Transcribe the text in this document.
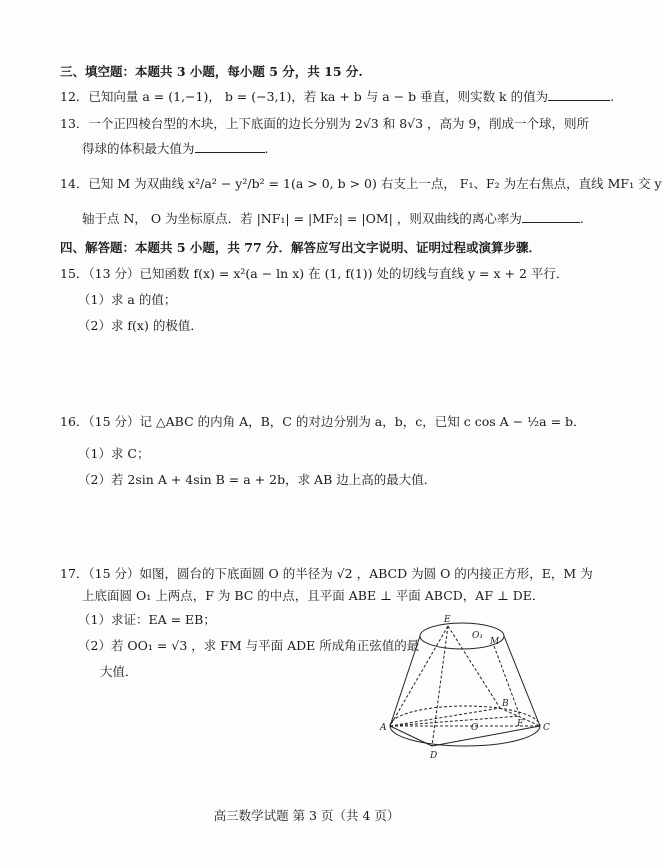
三、填空题：本题共 3 小题，每小题 5 分，共 15 分.
12．已知向量 a = (1,−1)， b = (−3,1)，若 ka + b 与 a − b 垂直，则实数 k 的值为	.
13．一个正四棱台型的木块，上下底面的边长分别为 2√3 和 8√3 ，高为 9，削成一个球，则所
得球的体积最大值为	.
14．已知 M 为双曲线 x²/a² − y²/b² = 1(a > 0, b > 0) 右支上一点， F₁、F₂ 为左右焦点，直线 MF₁ 交 y
轴于点 N， O 为坐标原点．若 |NF₁| = |MF₂| = |OM| ，则双曲线的离心率为	.
四、解答题：本题共 5 小题，共 77 分．解答应写出文字说明、证明过程或演算步骤．
15．（13 分）已知函数 f(x) = x²(a − ln x) 在 (1, f(1)) 处的切线与直线 y = x + 2 平行．
（1）求 a 的值；
（2）求 f(x) 的极值．
16．（15 分）记 △ABC 的内角 A，B，C 的对边分别为 a，b，c，已知 c cos A − ½a = b．
（1）求 C；
（2）若 2sin A + 4sin B = a + 2b，求 AB 边上高的最大值．
17．（15 分）如图，圆台的下底面圆 O 的半径为 √2 ，ABCD 为圆 O 的内接正方形，E，M 为
上底面圆 O₁ 上两点，F 为 BC 的中点，且平面 ABE ⊥ 平面 ABCD，AF ⊥ DE．
（1）求证：EA = EB；
（2）若 OO₁ = √3 ，求 FM 与平面 ADE 所成角正弦值的最
大值．
E
O₁
M
A
B
F C
O
D
高三数学试题 第 3 页（共 4 页）
